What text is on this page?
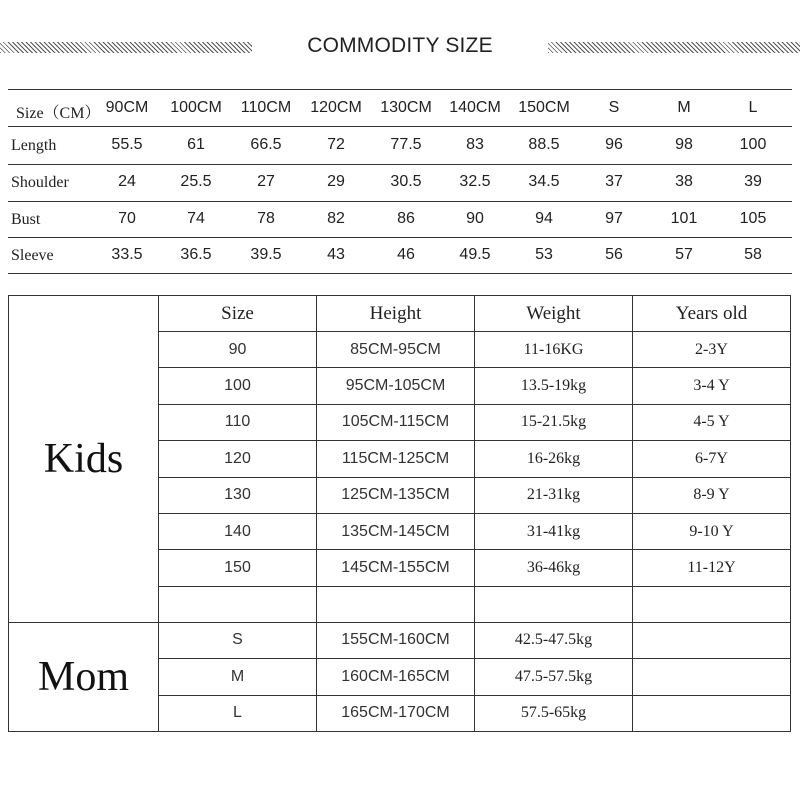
COMMODITY SIZE
Size（CM） 90CM	100CM	110CM	120CM	130CM	140CM	150CM	S	M	L
Length	55.5	61	66.5	72	77.5	83	88.5	96	98	100
Shoulder	24	25.5	27	29	30.5	32.5	34.5	37	38	39
Bust	70	74	78	82	86	90	94	97	101	105
Sleeve	33.5	36.5	39.5	43	46	49.5	53	56	57	58
Kids	Size	Height	Weight	Years old
	90	85CM-95CM	11-16KG	2-3Y
	100	95CM-105CM	13.5-19kg	3-4 Y
	110	105CM-115CM	15-21.5kg	4-5 Y
	120	115CM-125CM	16-26kg	6-7Y
	130	125CM-135CM	21-31kg	8-9 Y
	140	135CM-145CM	31-41kg	9-10 Y
	150	145CM-155CM	36-46kg	11-12Y

Mom	S	155CM-160CM	42.5-47.5kg	
	M	160CM-165CM	47.5-57.5kg	
	L	165CM-170CM	57.5-65kg	
